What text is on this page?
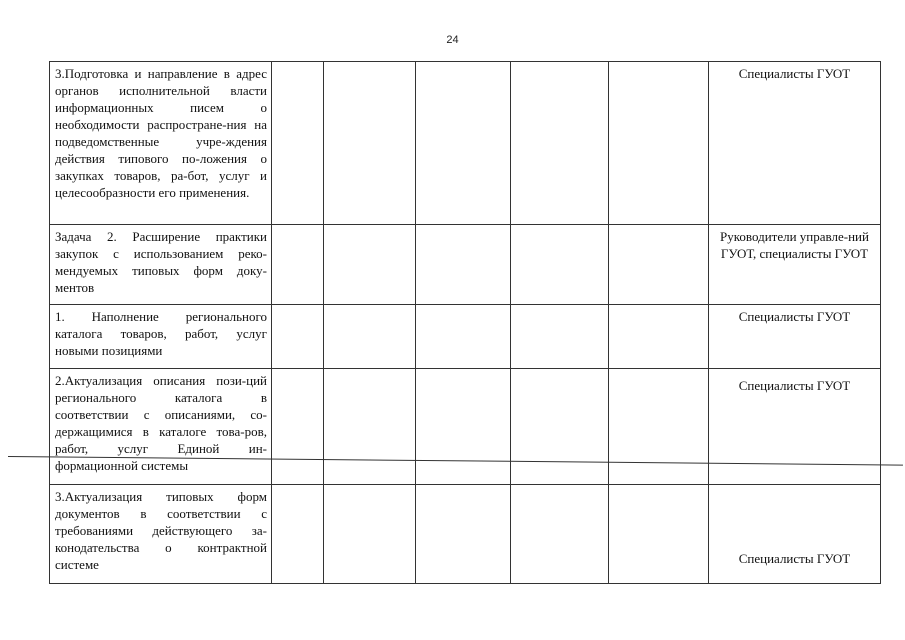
24
3.Подготовка и направление в адрес органов исполнительной власти информационных писем о необходимости распростране-ния на подведомственные учре-ждения действия типового по-ложения о закупках товаров, ра-бот, услуг и целесообразности его применения.						Специалисты ГУОТ
Задача 2. Расширение практики закупок с использованием реко-мендуемых типовых форм доку-ментов						Руководители управле-ний ГУОТ, специалисты ГУОТ
1. Наполнение регионального каталога товаров, работ, услуг новыми позициями						Специалисты ГУОТ
2.Актуализация описания пози-ций регионального каталога в соответствии с описаниями, со-держащимися в каталоге това-ров, работ, услуг Единой ин-формационной системы						Специалисты ГУОТ
3.Актуализация типовых форм документов в соответствии с требованиями действующего за-конодательства о контрактной системе						Специалисты ГУОТ
